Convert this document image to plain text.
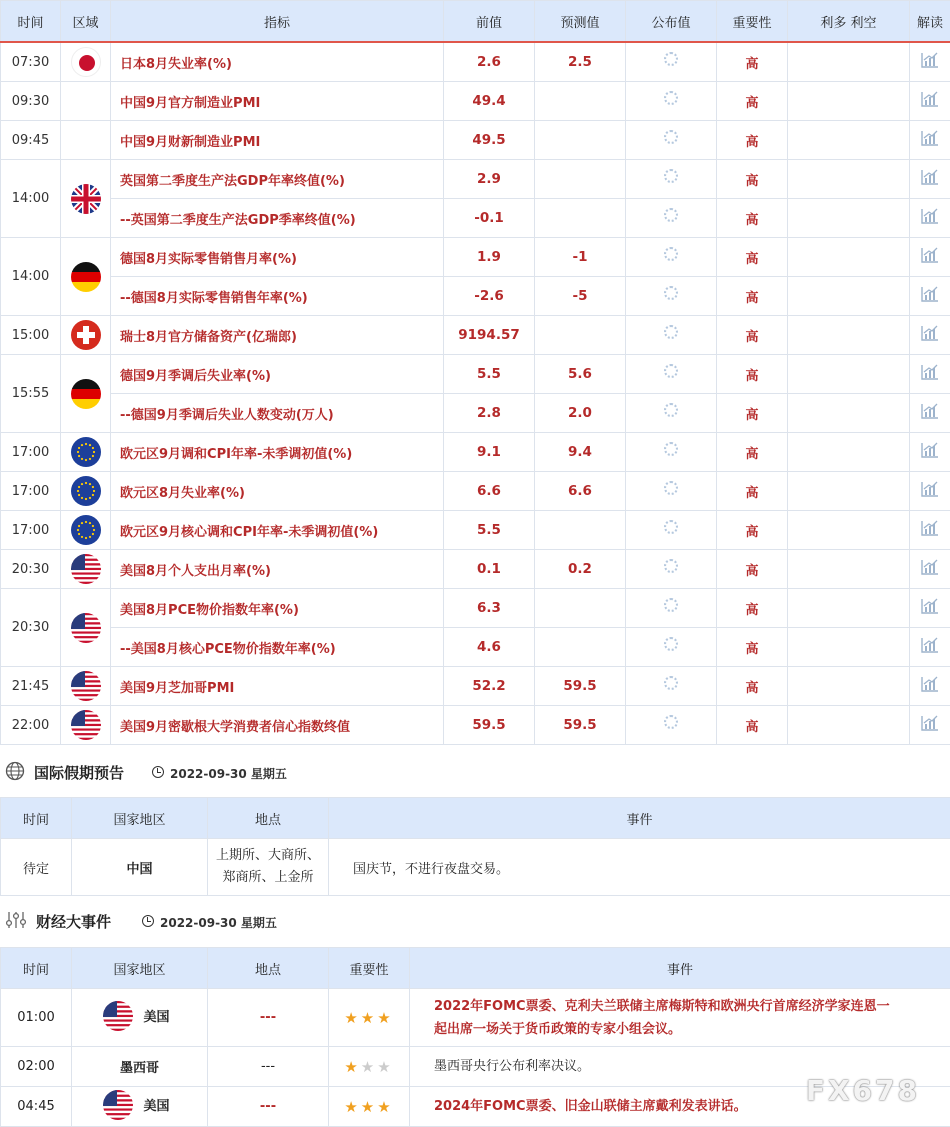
时间	区域	指标	前值	预测值	公布值	重要性	利多 利空	解读
07:30		日本8月失业率(%)	2.6	2.5		高		
09:30		中国9月官方制造业PMI	49.4			高		
09:45		中国9月财新制造业PMI	49.5			高		
14:00		英国第二季度生产法GDP年率终值(%)	2.9			高		
		--英国第二季度生产法GDP季率终值(%)	-0.1			高		
14:00		德国8月实际零售销售月率(%)	1.9	-1		高		
		--德国8月实际零售销售年率(%)	-2.6	-5		高		
15:00		瑞士8月官方储备资产(亿瑞郎)	9194.57			高		
15:55		德国9月季调后失业率(%)	5.5	5.6		高		
		--德国9月季调后失业人数变动(万人)	2.8	2.0		高		
17:00		欧元区9月调和CPI年率-未季调初值(%)	9.1	9.4		高		
17:00		欧元区8月失业率(%)	6.6	6.6		高		
17:00		欧元区9月核心调和CPI年率-未季调初值(%)	5.5			高		
20:30		美国8月个人支出月率(%)	0.1	0.2		高		
20:30		美国8月PCE物价指数年率(%)	6.3			高		
		--美国8月核心PCE物价指数年率(%)	4.6			高		
21:45		美国9月芝加哥PMI	52.2	59.5		高		
22:00		美国9月密歇根大学消费者信心指数终值	59.5	59.5		高		
国际假期预告	2022-09-30 星期五
时间	国家地区	地点	事件
待定	中国	上期所、大商所、
郑商所、上金所	国庆节，不进行夜盘交易。
财经大事件	2022-09-30 星期五
时间	国家地区	地点	重要性	事件
01:00	美国	---	★★★	2022年FOMC票委、克利夫兰联储主席梅斯特和欧洲央行首席经济学家连恩一
起出席一场关于货币政策的专家小组会议。

02:00	墨西哥	---	★★★	墨西哥央行公布利率决议。

04:45	美国	---	★★★	2024年FOMC票委、旧金山联储主席戴利发表讲话。	FX678
